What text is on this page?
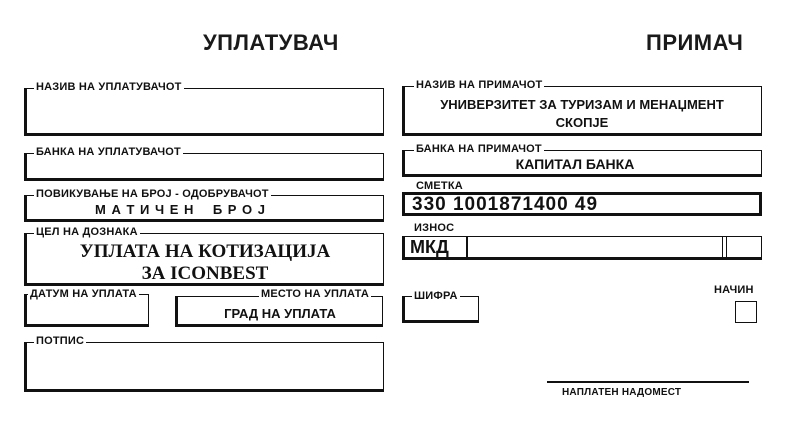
УПЛАТУВАЧ	ПРИМАЧ
НАЗИВ НА УПЛАТУВАЧОТ
БАНКА НА УПЛАТУВАЧОТ
ПОВИКУВАЊЕ НА БРОЈ - ОДОБРУВАЧОТ
М А Т И Ч Е Н    Б Р О Ј
ЦЕЛ НА ДОЗНАКА
УПЛАТА НА КОТИЗАЦИЈА
ЗА ICONBEST
ДАТУМ НА УПЛАТА	МЕСТО НА УПЛАТА
ГРАД НА УПЛАТА
ПОТПИС
НАЗИВ НА ПРИМАЧОТ
УНИВЕРЗИТЕТ ЗА ТУРИЗАМ И МЕНАЏМЕНТ
СКОПЈЕ
БАНКА НА ПРИМАЧОТ
КАПИТАЛ БАНКА
СМЕТКА
330 1001871400 49
ИЗНОС
МКД
ШИФРА	НАЧИН
НАПЛАТЕН НАДОМЕСТ
